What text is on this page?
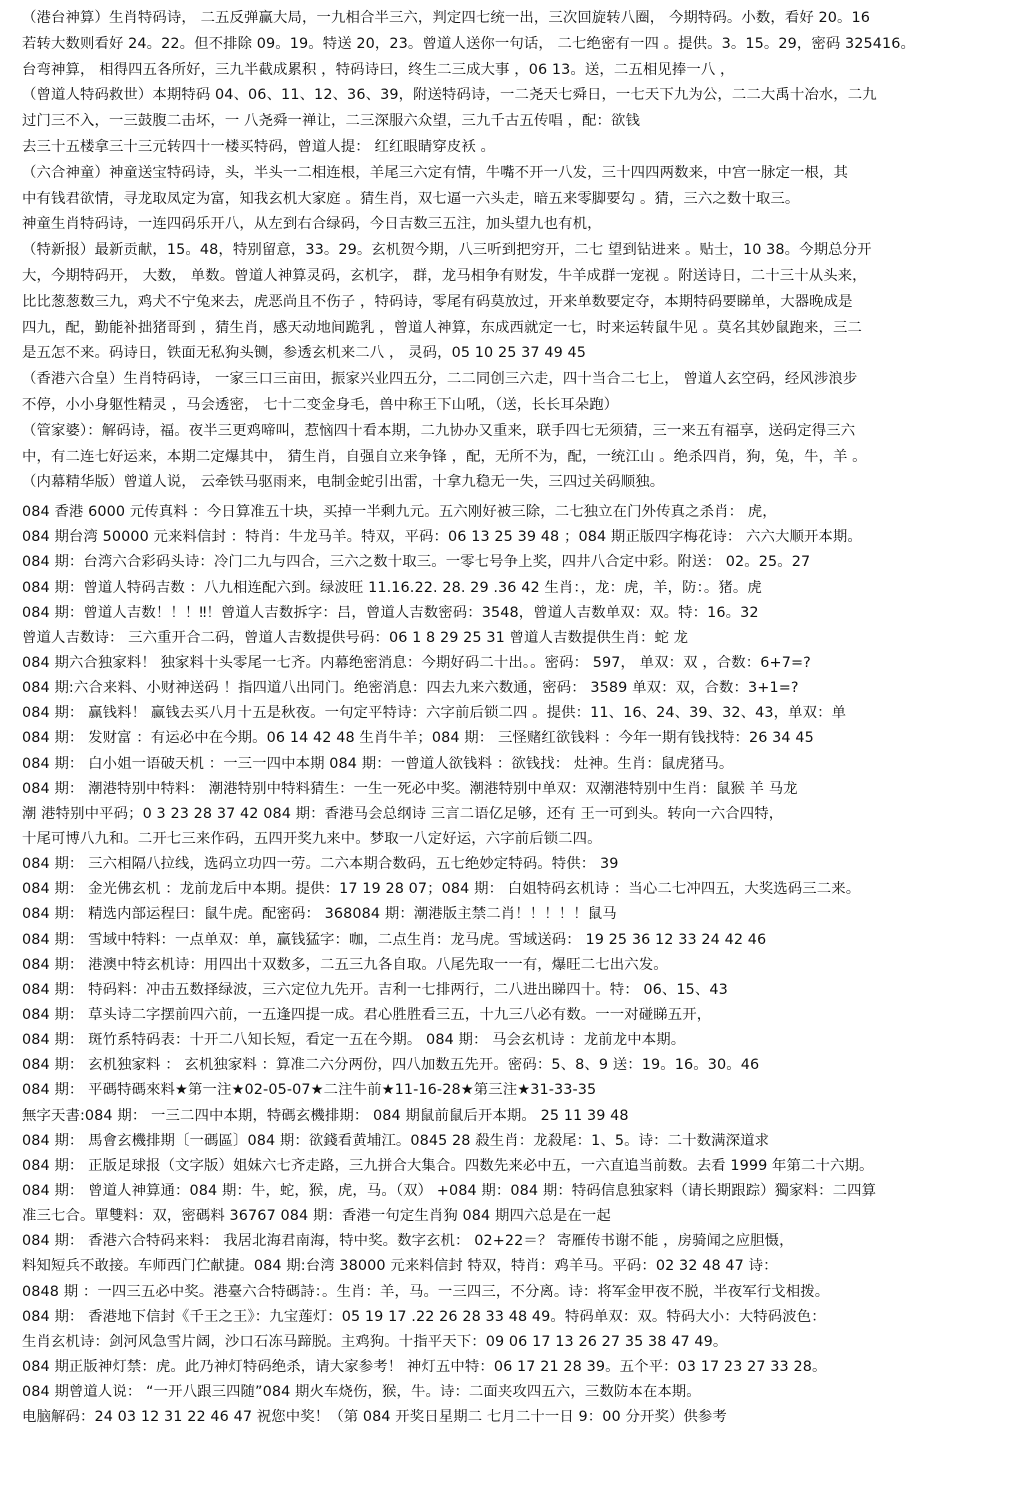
（港台神算）生肖特码诗， 二五反弹赢大局，一九相合半三六，判定四七统一出，三次回旋转八圈， 今期特码。小数，看好 20。16
若转大数则看好 24。22。但不排除 09。19。特送 20，23。曾道人送你一句话， 二七绝密有一四 。提供。3。15。29，密码 325416。
台弯神算， 相得四五各所好，三九半截成累积 ，特码诗曰，终生二三成大事 ，06 13。送，二五相见捧一八 ，
（曾道人特码救世）本期特码 04、06、11、12、36、39，附送特码诗，一二尧天七舜日，一七天下九为公，二二大禹十冶水，二九
过门三不入，一三鼓腹二击坏，一 八尧舜一禅让，二三深服六众望，三九千古五传唱 ，配：欲钱
去三十五楼拿三十三元转四十一楼买特码，曾道人提： 红红眼睛穿皮袄 。
（六合神童）神童送宝特码诗，头，半头一二相连根，羊尾三六定有情，牛嘴不开一八发，三十四四两数来，中宫一脉定一根，其
中有钱君欲情，寻龙取凤定为富，知我玄机大家庭 。猜生肖，双七逼一六头走，暗五来零脚要勾 。猜，三六之数十取三。
神童生肖特码诗，一连四码乐开八，从左到右合绿码，今日吉数三五注，加头望九也有机，
（特新报）最新贡献，15。48，特别留意，33。29。玄机贺今期，八三听到把穷开，二七 望到钻进来 。贴士，10 38。今期总分开
大，今期特码开， 大数， 单数。曾道人神算灵码，玄机字， 群，龙马相争有财发，牛羊成群一宠视 。附送诗日，二十三十从头来，
比比葱葱数三九，鸡犬不宁兔来去，虎恶尚且不伤子 ，特码诗，零尾有码莫放过，开来单数要定夺，本期特码要睇单，大器晚成是
四九，配，勤能补拙猪哥到 ，猜生肖，感天动地间跪乳 ，曾道人神算，东成西就定一七，时来运转鼠牛见 。莫名其妙鼠跑来，三二
是五怎不来。码诗日，铁面无私狗头铡，参透玄机来二八 ， 灵码，05 10 25 37 49 45
（香港六合皇）生肖特码诗， 一家三口三亩田，振家兴业四五分，二二同创三六走，四十当合二七上， 曾道人玄空码，经风涉浪步
不停，小小身躯性精灵 ，马会透密， 七十二变金身毛，兽中称王下山吼，（送，长长耳朵跑）
（管家婆）：解码诗，福。夜半三更鸡啼叫，惹恼四十看本期，二九协办又重来，联手四七无须猜，三一来五有福享，送码定得三六
中，有二连七好运来，本期二定爆其中， 猜生肖，自强自立来争锋 ，配，无所不为，配，一统江山 。绝杀四肖，狗，兔，牛，羊 。
（内幕精华版）曾道人说， 云牵铁马驱雨来，电制金蛇引出雷，十拿九稳无一失，三四过关码顺独。
084 香港 6000 元传真料 ：今日算准五十块，买掉一半剩九元。五六刚好被三除，二七独立在门外传真之杀肖： 虎，
084 期台湾 50000 元来料信封 ：特肖：牛龙马羊。特双，平码：06 13 25 39 48 ；084 期正版四字梅花诗： 六六大顺开本期。
084 期：台湾六合彩码头诗：冷门二九与四合，三六之数十取三。一零七号争上奖，四井八合定中彩。附送： 02。25。27
084 期：曾道人特码吉数 ：八九相连配六到。绿波旺 11.16.22. 28. 29 .36 42 生肖：，龙：虎，羊，防：。猪。虎
084 期：曾道人吉数！！！‼！曾道人吉数拆字：吕，曾道人吉数密码：3548，曾道人吉数单双：双。特：16。32
曾道人吉数诗： 三六重开合二码，曾道人吉数提供号码：06 1 8 29 25 31 曾道人吉数提供生肖：蛇 龙
084 期六合独家料！ 独家料十头零尾一七齐。内幕绝密消息：今期好码二十出。。密码： 597， 单双：双 ，合数：6+7=?
084 期:六合来料、小财神送码 ！指四道八出同门。绝密消息：四去九来六数通，密码： 3589 单双：双，合数：3+1=?
084 期： 赢钱料！ 赢钱去买八月十五是秋夜。一句定平特诗：六字前后锁二四 。提供：11、16、24、39、32、43，单双：单
084 期： 发财富 ：有运必中在今期。06 14 42 48 生肖牛羊；084 期： 三怪赌红欲钱料 ：今年一期有钱找特：26 34 45
084 期： 白小姐一语破天机 ：一三一四中本期 084 期：一曾道人欲钱料 ：欲钱找： 灶神。生肖：鼠虎猪马。
084 期： 潮港特别中特料： 潮港特别中特料猜生：一生一死必中奖。潮港特别中单双：双潮港特别中生肖：鼠猴 羊 马龙
潮 港特别中平码；0 3 23 28 37 42 084 期：香港马会总纲诗 三言二语亿足够，还有 王一可到头。转向一六合四特，
十尾可博八九和。二开七三来作码，五四开奖九来中。梦取一八定好运，六字前后锁二四。
084 期： 三六相隔八拉线，选码立功四一劳。二六本期合数码，五七绝妙定特码。特供： 39
084 期： 金光佛玄机 ：龙前龙后中本期。提供：17 19 28 07；084 期： 白姐特码玄机诗 ：当心二七冲四五，大奖选码三二来。
084 期： 精选内部运程曰：鼠牛虎。配密码： 368084 期：潮港版主禁二肖！！！！！鼠马
084 期： 雪域中特料：一点单双：单，赢钱猛字：咖，二点生肖：龙马虎。雪域送码： 19 25 36 12 33 24 42 46
084 期： 港澳中特玄机诗：用四出十双数多，二五三九各自取。八尾先取一一有，爆旺二七出六发。
084 期： 特码料：冲击五数择绿波，三六定位九先开。吉利一七排两行，二八进出睇四十。特： 06、15、43
084 期： 草头诗二字摆前四六前，一五逢四提一成。君心胜胜看三五，十九三八必有数。一一对碰睇五开，
084 期： 斑竹系特码表：十开二八知长短，看定一五在今期。 084 期： 马会玄机诗 ：龙前龙中本期。
084 期： 玄机独家料 ： 玄机独家料 ：算准二六分两份，四八加数五先开。密码：5、8、9 送：19。16。30。46
084 期： 平碼特碼來料★第一注★02-05-07★二注牛前★11-16-28★第三注★31-33-35
無字天書:084 期： 一三二四中本期，特碼玄機排期： 084 期鼠前鼠后开本期。 25 11 39 48
084 期： 馬會玄機排期〔一碼區〕084 期：欲錢看黄埔江。0845 28 殺生肖：龙殺尾：1、5。诗：二十数满深道求
084 期： 正版足球报（文字版）姐妹六七齐走路，三九拼合大集合。四数先来必中五，一六直追当前数。去看 1999 年第二十六期。
084 期： 曾道人神算通：084 期：牛，蛇，猴，虎，马。（双） +084 期：084 期：特码信息独家料（请长期跟踪）獨家料：二四算
准三七合。單雙料：双，密碼料 36767 084 期：香港一句定生肖狗 084 期四六总是在一起
084 期： 香港六合特码来料： 我居北海君南海，特中奖。数字玄机： 02+22＝？ 寄雁传书谢不能 ，房骑闻之应胆慑，
料知短兵不敢接。车师西门伫献捷。084 期:台湾 38000 元来料信封 特双，特肖：鸡羊马。平码：02 32 48 47 诗：
0848 期 ：一四三五必中奖。港臺六合特碼詩：。生肖：羊，马。一三四三，不分离。诗：将军金甲夜不脱，半夜军行戈相拨。
084 期： 香港地下信封《千王之王》：九宝莲灯：05 19 17 .22 26 28 33 48 49。特码单双：双。特码大小：大特码波色：
生肖玄机诗：剑河风急雪片阔，沙口石冻马蹄脱。主鸡狗。十指平天下：09 06 17 13 26 27 35 38 47 49。
084 期正版神灯禁：虎。此乃神灯特码绝杀，请大家参考！ 神灯五中特：06 17 21 28 39。五个平：03 17 23 27 33 28。
084 期曾道人说： “一开八跟三四随”084 期火车烧伤，猴，牛。诗：二面夹攻四五六，三数防本在本期。
电脑解码：24 03 12 31 22 46 47 祝您中奖！（第 084 开奖日星期二 七月二十一日 9：00 分开奖）供参考
